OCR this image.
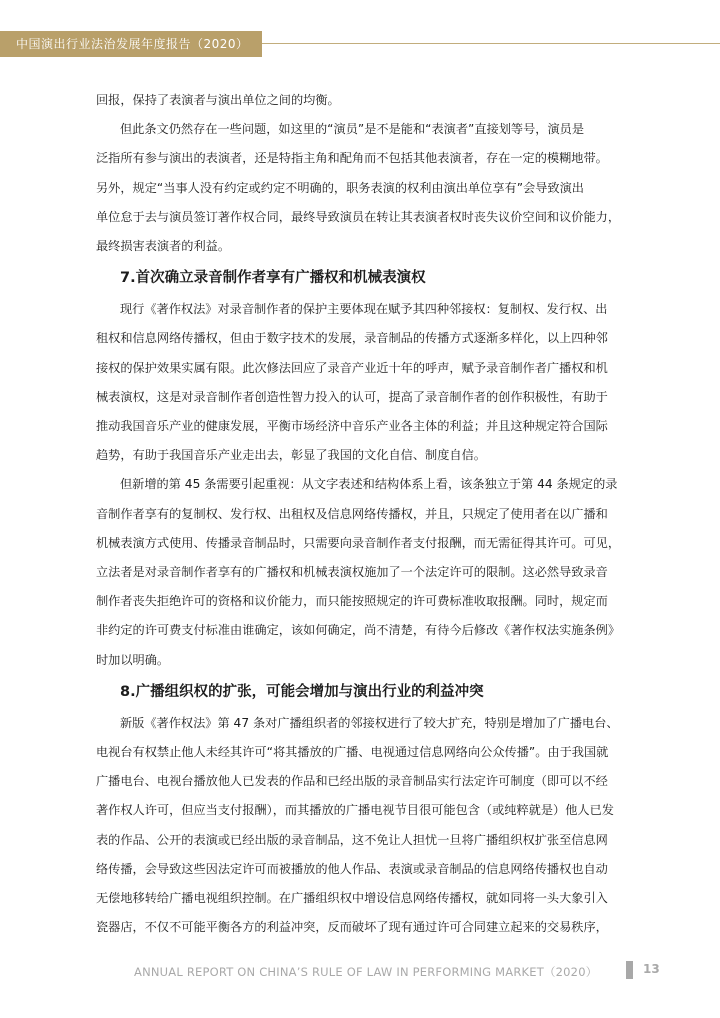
中国演出行业法治发展年度报告（2020）

回报，保持了表演者与演出单位之间的均衡。

但此条文仍然存在一些问题，如这里的“演员”是不是能和“表演者”直接划等号，演员是

泛指所有参与演出的表演者，还是特指主角和配角而不包括其他表演者，存在一定的模糊地带。

另外，规定“当事人没有约定或约定不明确的，职务表演的权利由演出单位享有”会导致演出

单位怠于去与演员签订著作权合同，最终导致演员在转让其表演者权时丧失议价空间和议价能力，

最终损害表演者的利益。

7.首次确立录音制作者享有广播权和机械表演权

现行《著作权法》对录音制作者的保护主要体现在赋予其四种邻接权：复制权、发行权、出

租权和信息网络传播权，但由于数字技术的发展，录音制品的传播方式逐渐多样化，以上四种邻

接权的保护效果实属有限。此次修法回应了录音产业近十年的呼声，赋予录音制作者广播权和机

械表演权，这是对录音制作者创造性智力投入的认可，提高了录音制作者的创作积极性，有助于

推动我国音乐产业的健康发展，平衡市场经济中音乐产业各主体的利益；并且这种规定符合国际

趋势，有助于我国音乐产业走出去，彰显了我国的文化自信、制度自信。

但新增的第 45 条需要引起重视：从文字表述和结构体系上看，该条独立于第 44 条规定的录

音制作者享有的复制权、发行权、出租权及信息网络传播权，并且，只规定了使用者在以广播和

机械表演方式使用、传播录音制品时，只需要向录音制作者支付报酬，而无需征得其许可。可见，

立法者是对录音制作者享有的广播权和机械表演权施加了一个法定许可的限制。这必然导致录音

制作者丧失拒绝许可的资格和议价能力，而只能按照规定的许可费标准收取报酬。同时，规定而

非约定的许可费支付标准由谁确定，该如何确定，尚不清楚，有待今后修改《著作权法实施条例》

时加以明确。

8.广播组织权的扩张，可能会增加与演出行业的利益冲突

新版《著作权法》第 47 条对广播组织者的邻接权进行了较大扩充，特别是增加了广播电台、

电视台有权禁止他人未经其许可“将其播放的广播、电视通过信息网络向公众传播”。由于我国就

广播电台、电视台播放他人已发表的作品和已经出版的录音制品实行法定许可制度（即可以不经

著作权人许可，但应当支付报酬），而其播放的广播电视节目很可能包含（或纯粹就是）他人已发

表的作品、公开的表演或已经出版的录音制品，这不免让人担忧一旦将广播组织权扩张至信息网

络传播，会导致这些因法定许可而被播放的他人作品、表演或录音制品的信息网络传播权也自动

无偿地移转给广播电视组织控制。在广播组织权中增设信息网络传播权，就如同将一头大象引入

瓷器店，不仅不可能平衡各方的利益冲突，反而破坏了现有通过许可合同建立起来的交易秩序，

ANNUAL REPORT ON CHINA’S RULE OF LAW IN PERFORMING MARKET（2020）	13
